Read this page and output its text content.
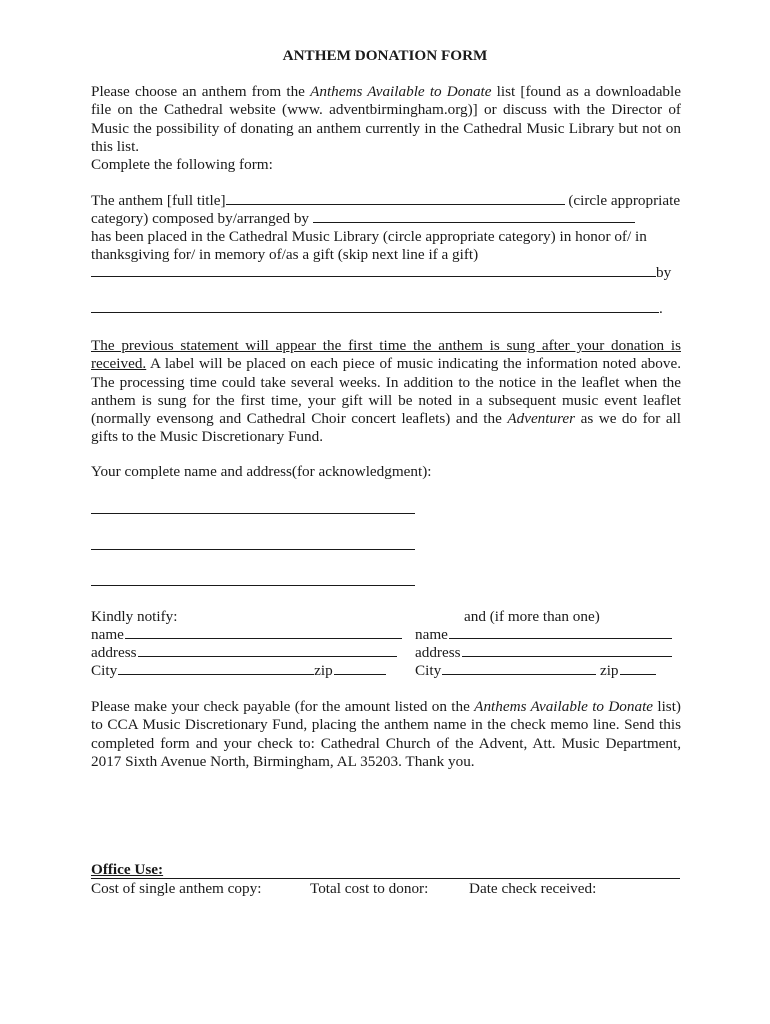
ANTHEM DONATION FORM
Please choose an anthem from the Anthems Available to Donate list [found as a downloadable file on the Cathedral website (www. adventbirmingham.org)] or discuss with the Director of Music the possibility of donating an anthem currently in the Cathedral Music Library but not on this list.
Complete the following form:
The anthem [full title]	(circle appropriate
category) composed by/arranged by
has been placed in the Cathedral Music Library (circle appropriate category) in honor of/ in
thanksgiving for/ in memory of/as a gift (skip next line if a gift)
by
.
The previous statement will appear the first time the anthem is sung after your donation is received. A label will be placed on each piece of music indicating the information noted above. The processing time could take several weeks. In addition to the notice in the leaflet when the anthem is sung for the first time, your gift will be noted in a subsequent music event leaflet (normally evensong and Cathedral Choir concert leaflets) and the Adventurer as we do for all gifts to the Music Discretionary Fund.
Your complete name and address(for acknowledgment):
Kindly notify:	and (if more than one)
name	name
address	address
City	zip	City	zip
Please make your check payable (for the amount listed on the Anthems Available to Donate list) to CCA Music Discretionary Fund, placing the anthem name in the check memo line. Send this completed form and your check to: Cathedral Church of the Advent, Att. Music Department, 2017 Sixth Avenue North, Birmingham, AL 35203. Thank you.
Office Use:
Cost of single anthem copy:	Total cost to donor:	Date check received:
